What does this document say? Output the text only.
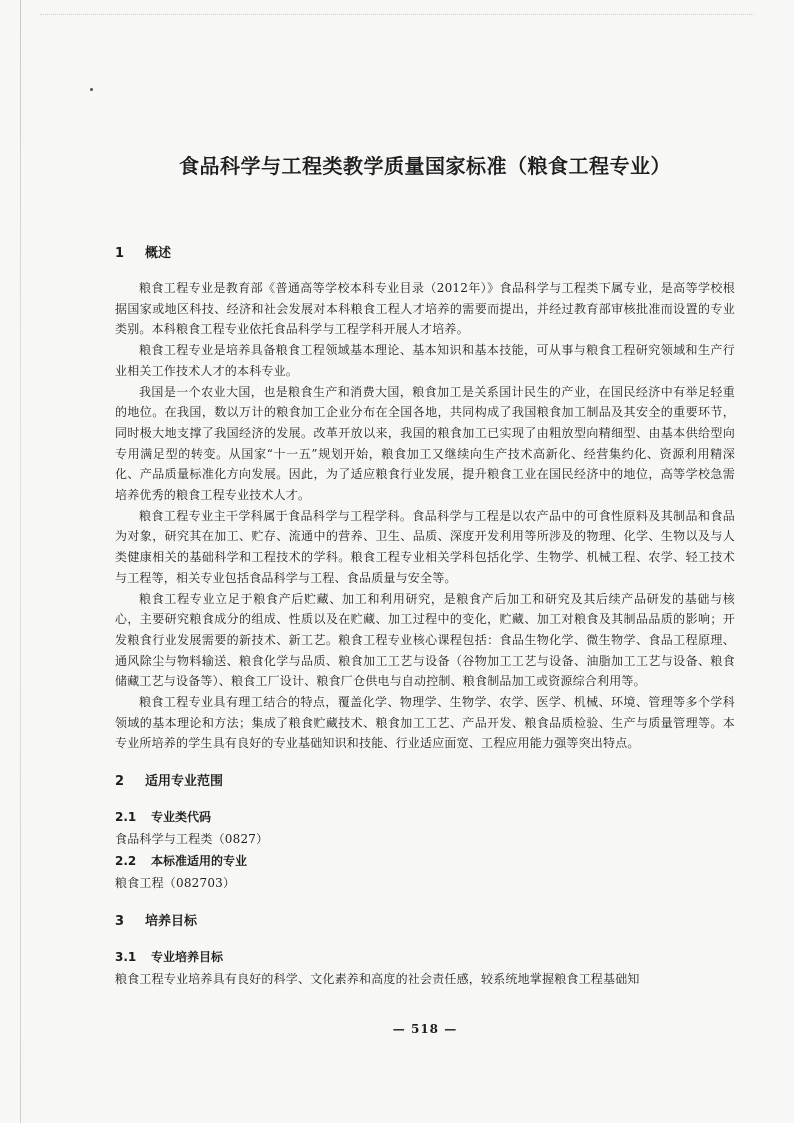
食品科学与工程类教学质量国家标准（粮食工程专业）
1 概述

粮食工程专业是教育部《普通高等学校本科专业目录（2012年）》食品科学与工程类下属专业，是高等学校根据国家或地区科技、经济和社会发展对本科粮食工程人才培养的需要而提出，并经过教育部审核批准而设置的专业类别。本科粮食工程专业依托食品科学与工程学科开展人才培养。

粮食工程专业是培养具备粮食工程领域基本理论、基本知识和基本技能，可从事与粮食工程研究领域和生产行业相关工作技术人才的本科专业。

我国是一个农业大国，也是粮食生产和消费大国，粮食加工是关系国计民生的产业，在国民经济中有举足轻重的地位。在我国，数以万计的粮食加工企业分布在全国各地，共同构成了我国粮食加工制品及其安全的重要环节，同时极大地支撑了我国经济的发展。改革开放以来，我国的粮食加工已实现了由粗放型向精细型、由基本供给型向专用满足型的转变。从国家“十一五”规划开始，粮食加工又继续向生产技术高新化、经营集约化、资源利用精深化、产品质量标准化方向发展。因此，为了适应粮食行业发展，提升粮食工业在国民经济中的地位，高等学校急需培养优秀的粮食工程专业技术人才。

粮食工程专业主干学科属于食品科学与工程学科。食品科学与工程是以农产品中的可食性原料及其制品和食品为对象，研究其在加工、贮存、流通中的营养、卫生、品质、深度开发利用等所涉及的物理、化学、生物以及与人类健康相关的基础科学和工程技术的学科。粮食工程专业相关学科包括化学、生物学、机械工程、农学、轻工技术与工程等，相关专业包括食品科学与工程、食品质量与安全等。

粮食工程专业立足于粮食产后贮藏、加工和利用研究，是粮食产后加工和研究及其后续产品研发的基础与核心，主要研究粮食成分的组成、性质以及在贮藏、加工过程中的变化，贮藏、加工对粮食及其制品品质的影响；开发粮食行业发展需要的新技术、新工艺。粮食工程专业核心课程包括：食品生物化学、微生物学、食品工程原理、通风除尘与物料输送、粮食化学与品质、粮食加工工艺与设备（谷物加工工艺与设备、油脂加工工艺与设备、粮食储藏工艺与设备等）、粮食工厂设计、粮食厂仓供电与自动控制、粮食制品加工或资源综合利用等。

粮食工程专业具有理工结合的特点，覆盖化学、物理学、生物学、农学、医学、机械、环境、管理等多个学科领域的基本理论和方法；集成了粮食贮藏技术、粮食加工工艺、产品开发、粮食品质检验、生产与质量管理等。本专业所培养的学生具有良好的专业基础知识和技能、行业适应面宽、工程应用能力强等突出特点。

2 适用专业范围
2.1 专业类代码

食品科学与工程类（0827）

2.2 本标准适用的专业

粮食工程（082703）

3 培养目标
3.1 专业培养目标

粮食工程专业培养具有良好的科学、文化素养和高度的社会责任感，较系统地掌握粮食工程基础知

— 518 —
